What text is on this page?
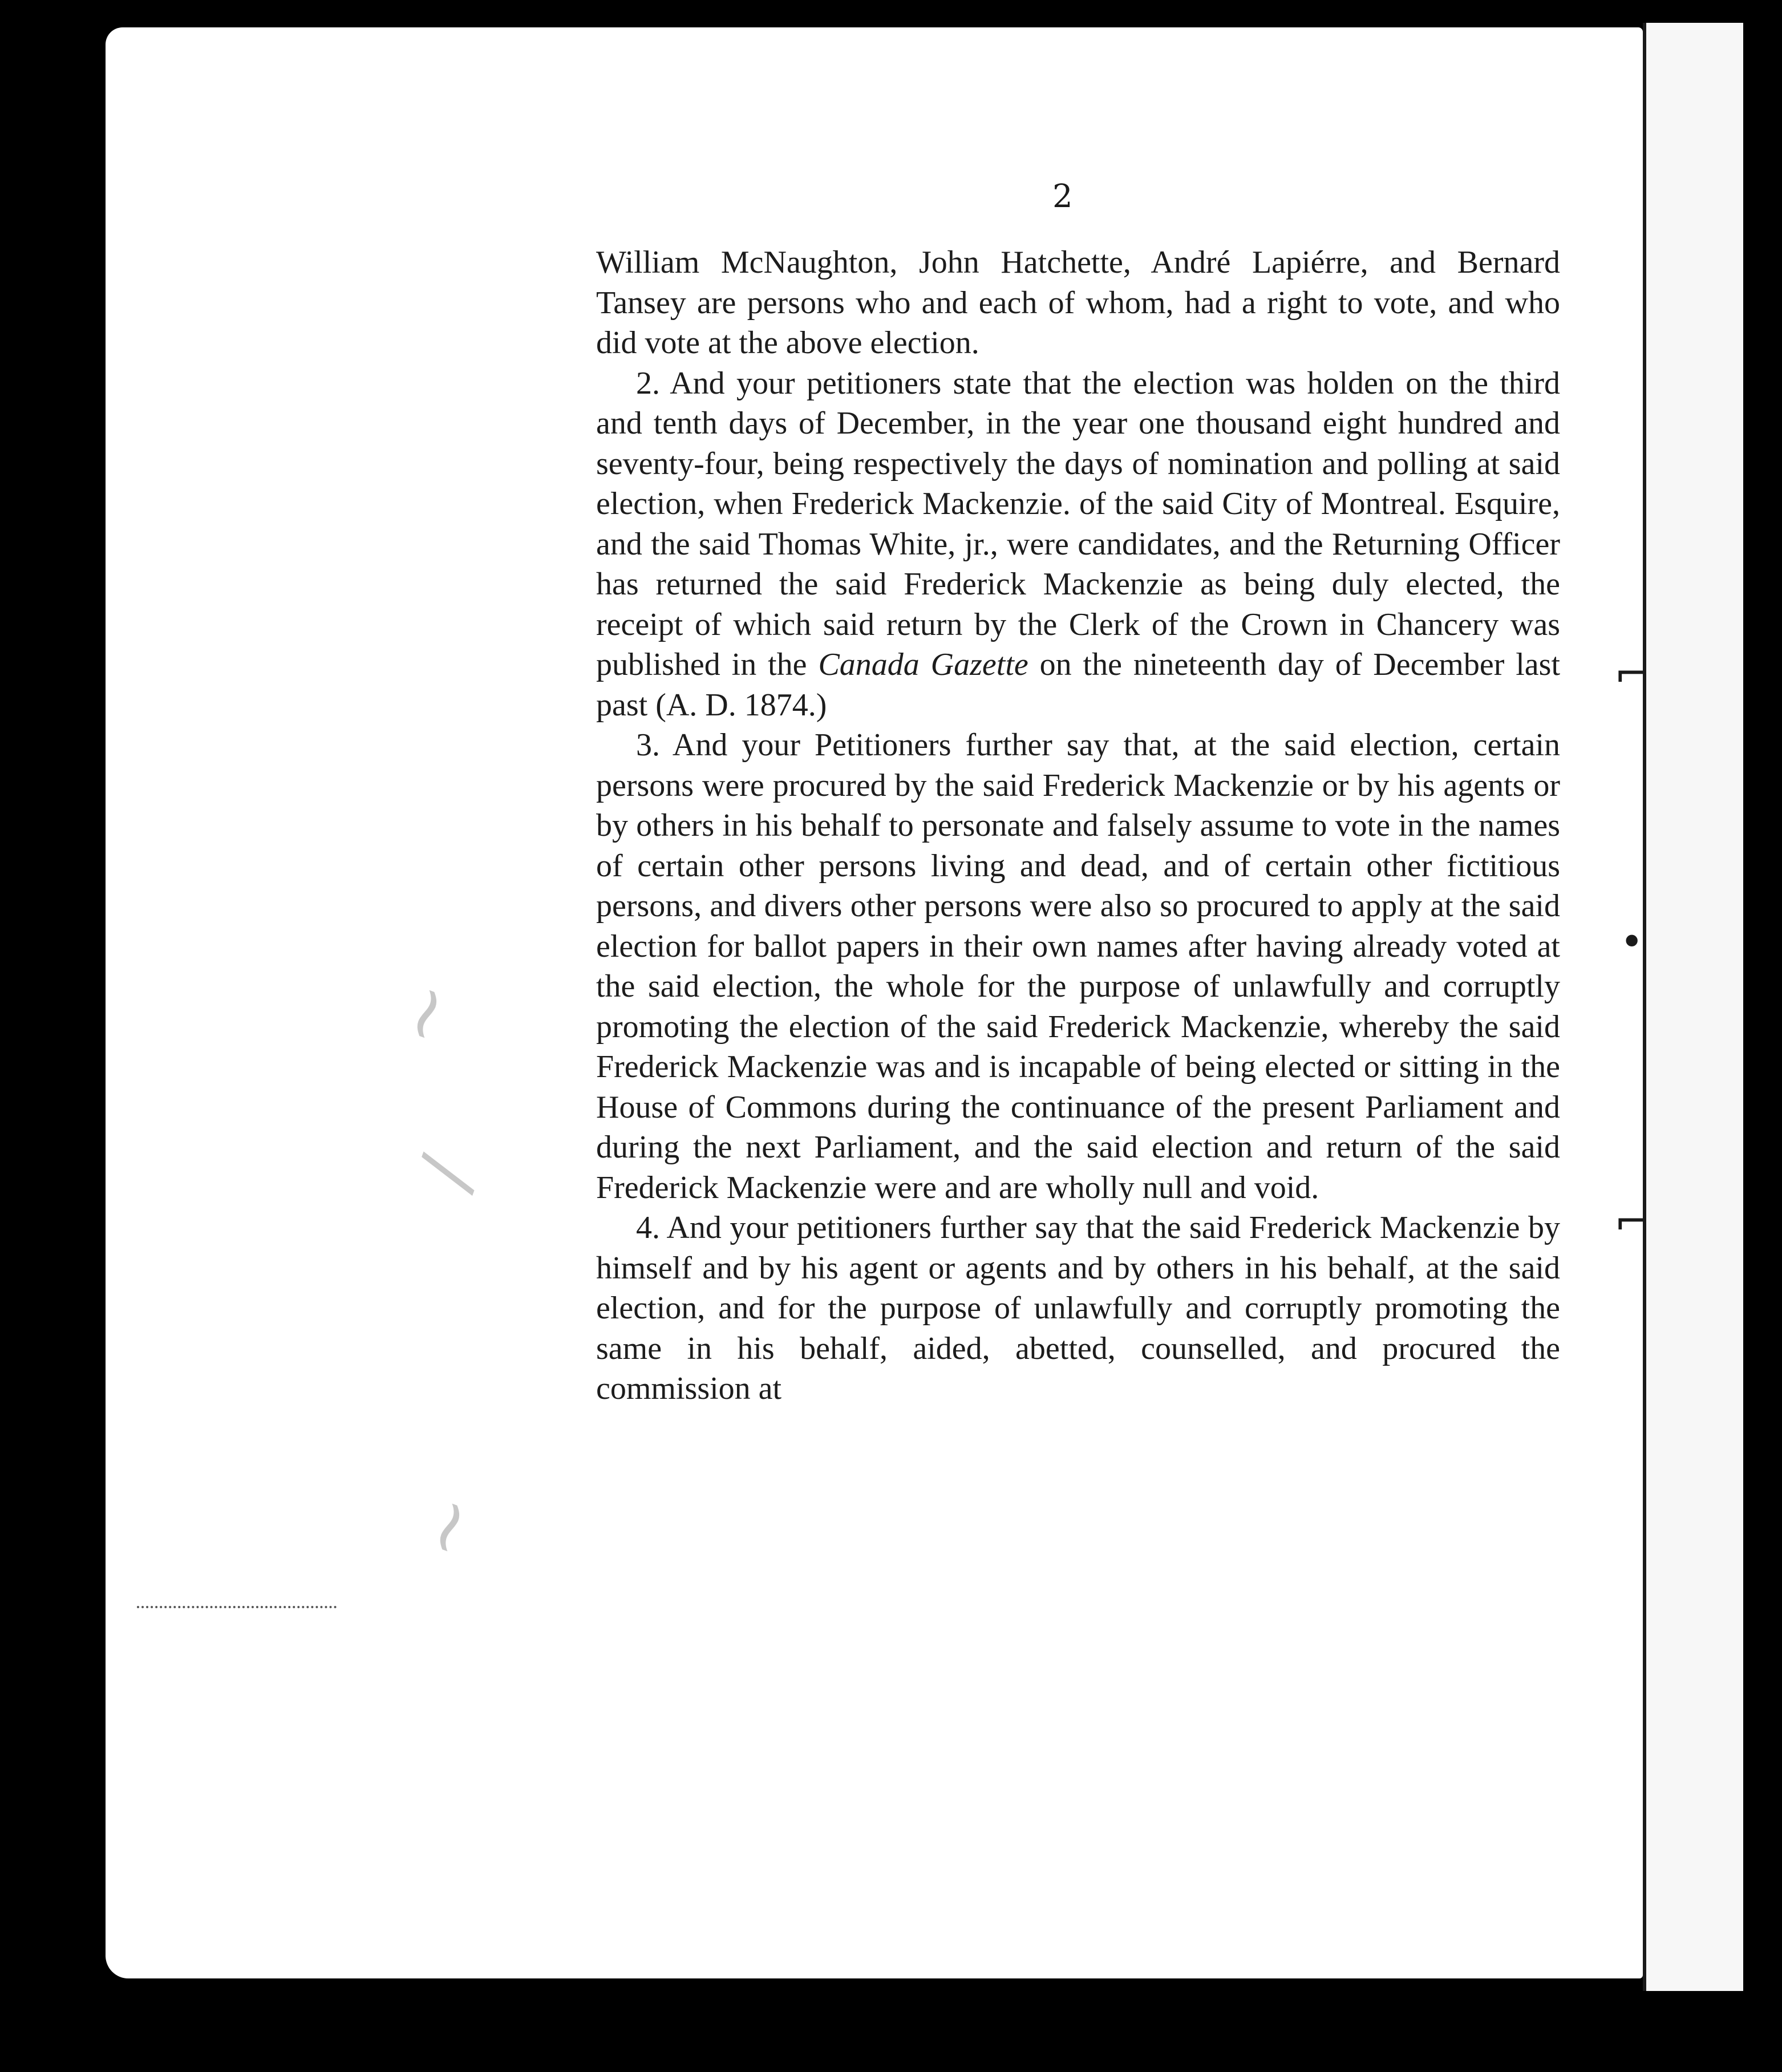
2

William McNaughton, John Hatchette, André Lapiérre, and Bernard Tansey are persons who and each of whom, had a right to vote, and who did vote at the above election.

2. And your petitioners state that the election was holden on the third and tenth days of December, in the year one thousand eight hundred and seventy-four, being respectively the days of nomination and polling at said election, when Frederick Mackenzie. of the said City of Montreal. Esquire, and the said Thomas White, jr., were candidates, and the Returning Officer has returned the said Frederick Mackenzie as being duly elected, the receipt of which said return by the Clerk of the Crown in Chancery was published in the Canada Gazette on the nineteenth day of December last past (A. D. 1874.)

3. And your Petitioners further say that, at the said election, certain persons were procured by the said Frederick Mackenzie or by his agents or by others in his behalf to personate and falsely assume to vote in the names of certain other persons living and dead, and of certain other fictitious persons, and divers other persons were also so procured to apply at the said election for ballot papers in their own names after having already voted at the said election, the whole for the purpose of unlawfully and corruptly promoting the election of the said Frederick Mackenzie, whereby the said Frederick Mackenzie was and is incapable of being elected or sitting in the House of Commons during the continuance of the present Parliament and during the next Parliament, and the said election and return of the said Frederick Mackenzie were and are wholly null and void.

4. And your petitioners further say that the said Frederick Mackenzie by himself and by his agent or agents and by others in his behalf, at the said election, and for the purpose of unlawfully and corruptly promoting the same in his behalf, aided, abetted, counselled, and procured the commission at

~
/
~
⌐
•
⌐
